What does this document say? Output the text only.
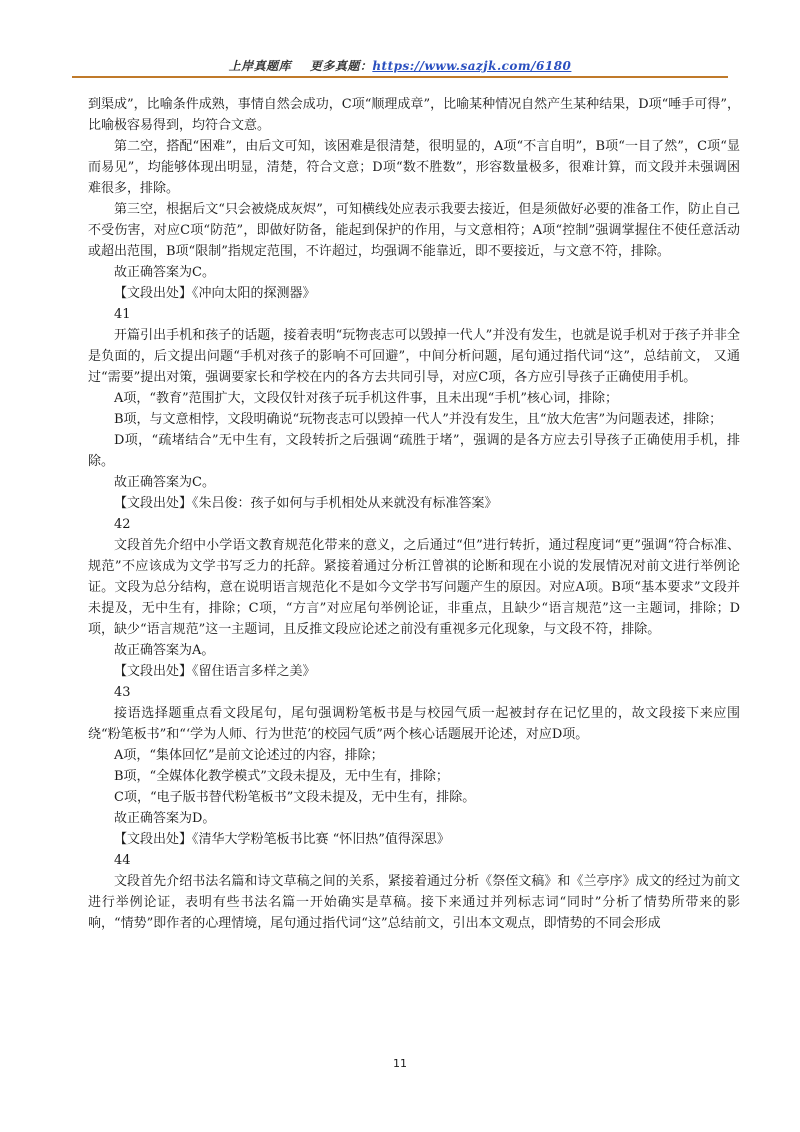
上岸真题库 更多真题：https://www.sazjk.com/6180

到渠成”，比喻条件成熟，事情自然会成功，C项“顺理成章”，比喻某种情况自然产生某种结果，D项“唾手可得”，比喻极容易得到，均符合文意。

第二空，搭配“困难”，由后文可知，该困难是很清楚，很明显的，A项“不言自明”，B项“一目了然”，C项“显而易见”，均能够体现出明显，清楚，符合文意；D项“数不胜数”，形容数量极多，很难计算，而文段并未强调困难很多，排除。

第三空，根据后文“只会被烧成灰烬”，可知横线处应表示我要去接近，但是须做好必要的准备工作，防止自己不受伤害，对应C项“防范”，即做好防备，能起到保护的作用，与文意相符；A项“控制”强调掌握住不使任意活动或超出范围，B项“限制”指规定范围，不许超过，均强调不能靠近，即不要接近，与文意不符，排除。

故正确答案为C。

【文段出处】《冲向太阳的探测器》

41

开篇引出手机和孩子的话题，接着表明“玩物丧志可以毁掉一代人”并没有发生，也就是说手机对于孩子并非全是负面的，后文提出问题“手机对孩子的影响不可回避”，中间分析问题，尾句通过指代词“这”，总结前文， 又通过“需要”提出对策，强调要家长和学校在内的各方去共同引导，对应C项，各方应引导孩子正确使用手机。

A项，“教育”范围扩大，文段仅针对孩子玩手机这件事，且未出现“手机”核心词，排除；

B项，与文意相悖，文段明确说“玩物丧志可以毁掉一代人”并没有发生，且“放大危害”为问题表述，排除；

D项，“疏堵结合”无中生有，文段转折之后强调“疏胜于堵”，强调的是各方应去引导孩子正确使用手机，排除。

故正确答案为C。

【文段出处】《朱吕俊：孩子如何与手机相处从来就没有标准答案》

42

文段首先介绍中小学语文教育规范化带来的意义，之后通过“但”进行转折，通过程度词“更”强调“符合标准、规范”不应该成为文学书写乏力的托辞。紧接着通过分析江曾祺的论断和现在小说的发展情况对前文进行举例论证。文段为总分结构，意在说明语言规范化不是如今文学书写问题产生的原因。对应A项。B项“基本要求”文段并未提及，无中生有，排除；C项，“方言”对应尾句举例论证，非重点，且缺少“语言规范”这一主题词，排除；D项，缺少“语言规范”这一主题词，且反推文段应论述之前没有重视多元化现象，与文段不符，排除。

故正确答案为A。

【文段出处】《留住语言多样之美》

43

接语选择题重点看文段尾句，尾句强调粉笔板书是与校园气质一起被封存在记忆里的，故文段接下来应围绕“粉笔板书”和“‘学为人师、行为世范’的校园气质”两个核心话题展开论述，对应D项。

A项，“集体回忆”是前文论述过的内容，排除；

B项，“全媒体化教学模式”文段未提及，无中生有，排除；

C项，“电子版书替代粉笔板书”文段未提及，无中生有，排除。

故正确答案为D。

【文段出处】《清华大学粉笔板书比赛 “怀旧热”值得深思》

44

文段首先介绍书法名篇和诗文草稿之间的关系，紧接着通过分析《祭侄文稿》和《兰亭序》成文的经过为前文进行举例论证，表明有些书法名篇一开始确实是草稿。接下来通过并列标志词“同时”分析了情势所带来的影响，“情势”即作者的心理情境，尾句通过指代词“这”总结前文，引出本文观点，即情势的不同会形成

11
